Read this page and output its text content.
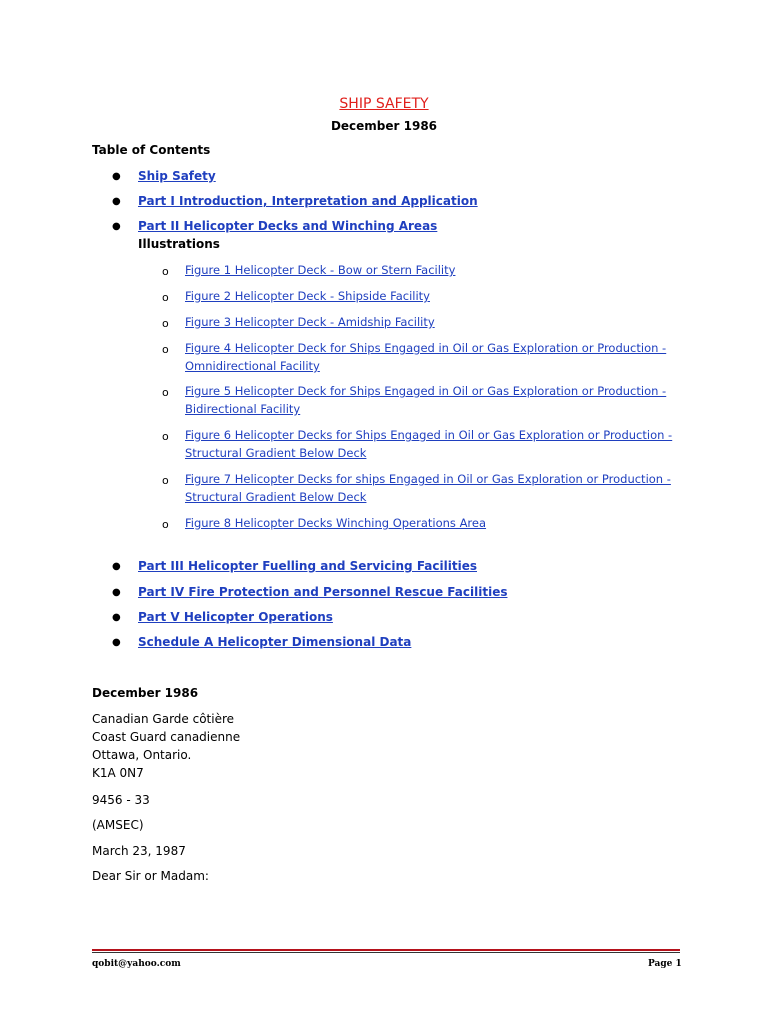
SHIP SAFETY
December 1986
Table of Contents
● Ship Safety
● Part I Introduction, Interpretation and Application
● Part II Helicopter Decks and Winching Areas
Illustrations
o Figure 1 Helicopter Deck - Bow or Stern Facility
o Figure 2 Helicopter Deck - Shipside Facility
o Figure 3 Helicopter Deck - Amidship Facility
o Figure 4 Helicopter Deck for Ships Engaged in Oil or Gas Exploration or Production -
Omnidirectional Facility
o Figure 5 Helicopter Deck for Ships Engaged in Oil or Gas Exploration or Production -
Bidirectional Facility
o Figure 6 Helicopter Decks for Ships Engaged in Oil or Gas Exploration or Production -
Structural Gradient Below Deck
o Figure 7 Helicopter Decks for ships Engaged in Oil or Gas Exploration or Production -
Structural Gradient Below Deck
o Figure 8 Helicopter Decks Winching Operations Area
● Part III Helicopter Fuelling and Servicing Facilities
● Part IV Fire Protection and Personnel Rescue Facilities
● Part V Helicopter Operations
● Schedule A Helicopter Dimensional Data
December 1986
Canadian Garde côtière
Coast Guard canadienne
Ottawa, Ontario.
K1A 0N7
9456 - 33
(AMSEC)
March 23, 1987
Dear Sir or Madam:
qobit@yahoo.com	Page 1
